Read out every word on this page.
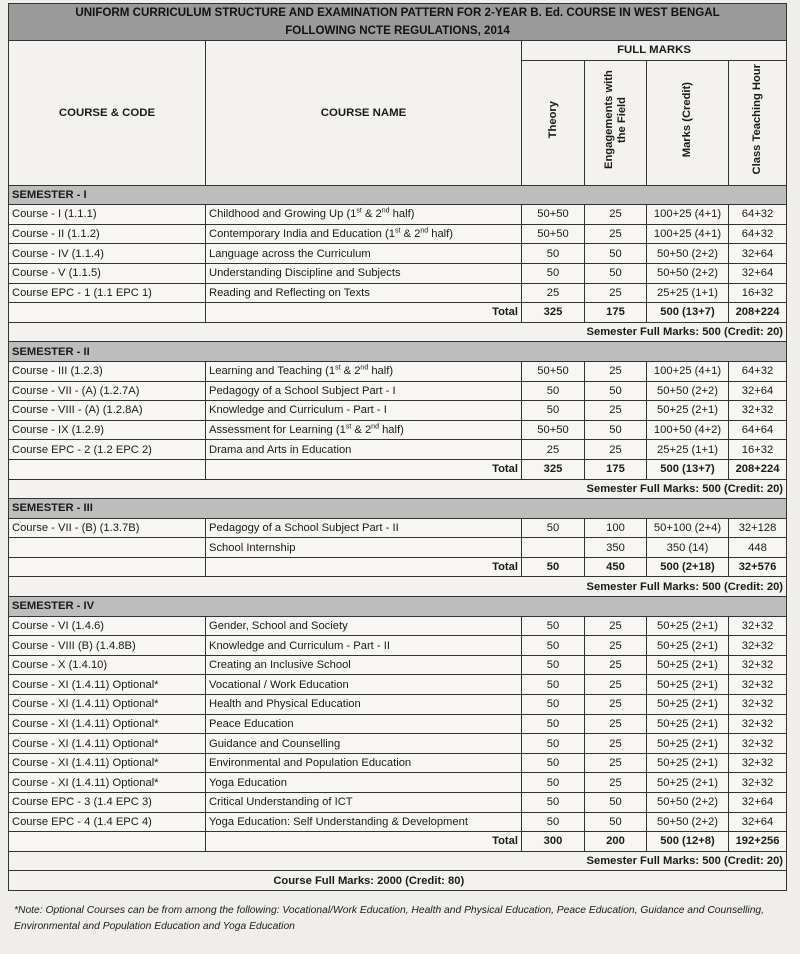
UNIFORM CURRICULUM STRUCTURE AND EXAMINATION PATTERN FOR 2-YEAR B. Ed. COURSE IN WEST BENGAL
FOLLOWING NCTE REGULATIONS, 2014					

COURSE & CODE	COURSE NAME	FULL MARKS			
		Theory	Engagements with the Field	Marks (Credit)	Class Teaching Hour
SEMESTER - I					
Course - I (1.1.1)	Childhood and Growing Up (1st & 2nd half)	50+50	25	100+25 (4+1)	64+32
Course - II (1.1.2)	Contemporary India and Education (1st & 2nd half)	50+50	25	100+25 (4+1)	64+32
Course - IV (1.1.4)	Language across the Curriculum	50	50	50+50 (2+2)	32+64
Course - V (1.1.5)	Understanding Discipline and Subjects	50	50	50+50 (2+2)	32+64
Course EPC - 1 (1.1 EPC 1)	Reading and Reflecting on Texts	25	25	25+25 (1+1)	16+32
	Total	325	175	500 (13+7)	208+224
Semester Full Marks: 500 (Credit: 20)					
SEMESTER - II					
Course - III (1.2.3)	Learning and Teaching (1st & 2nd half)	50+50	25	100+25 (4+1)	64+32
Course - VII - (A) (1.2.7A)	Pedagogy of a School Subject Part - I	50	50	50+50 (2+2)	32+64
Course - VIII - (A) (1.2.8A)	Knowledge and Curriculum - Part - I	50	25	50+25 (2+1)	32+32
Course - IX (1.2.9)	Assessment for Learning (1st & 2nd half)	50+50	50	100+50 (4+2)	64+64
Course EPC - 2 (1.2 EPC 2)	Drama and Arts in Education	25	25	25+25 (1+1)	16+32
	Total	325	175	500 (13+7)	208+224
Semester Full Marks: 500 (Credit: 20)					
SEMESTER - III					
Course - VII - (B) (1.3.7B)	Pedagogy of a School Subject Part - II	50	100	50+100 (2+4)	32+128
	School Internship		350	350 (14)	448
	Total	50	450	500 (2+18)	32+576
Semester Full Marks: 500 (Credit: 20)					
SEMESTER - IV					
Course - VI (1.4.6)	Gender, School and Society	50	25	50+25 (2+1)	32+32
Course - VIII (B) (1.4.8B)	Knowledge and Curriculum - Part - II	50	25	50+25 (2+1)	32+32
Course - X (1.4.10)	Creating an Inclusive School	50	25	50+25 (2+1)	32+32
Course - XI (1.4.11) Optional*	Vocational / Work Education	50	25	50+25 (2+1)	32+32
Course - XI (1.4.11) Optional*	Health and Physical Education	50	25	50+25 (2+1)	32+32
Course - XI (1.4.11) Optional*	Peace Education	50	25	50+25 (2+1)	32+32
Course - XI (1.4.11) Optional*	Guidance and Counselling	50	25	50+25 (2+1)	32+32
Course - XI (1.4.11) Optional*	Environmental and Population Education	50	25	50+25 (2+1)	32+32
Course - XI (1.4.11) Optional*	Yoga Education	50	25	50+25 (2+1)	32+32
Course EPC - 3 (1.4 EPC 3)	Critical Understanding of ICT	50	50	50+50 (2+2)	32+64
Course EPC - 4 (1.4 EPC 4)	Yoga Education: Self Understanding & Development	50	50	50+50 (2+2)	32+64
	Total	300	200	500 (12+8)	192+256
Semester Full Marks: 500 (Credit: 20)					
Course Full Marks: 2000 (Credit: 80)					
*Note: Optional Courses can be from among the following: Vocational/Work Education, Health and Physical Education, Peace Education, Guidance and Counselling, Environmental and Population Education and Yoga Education
